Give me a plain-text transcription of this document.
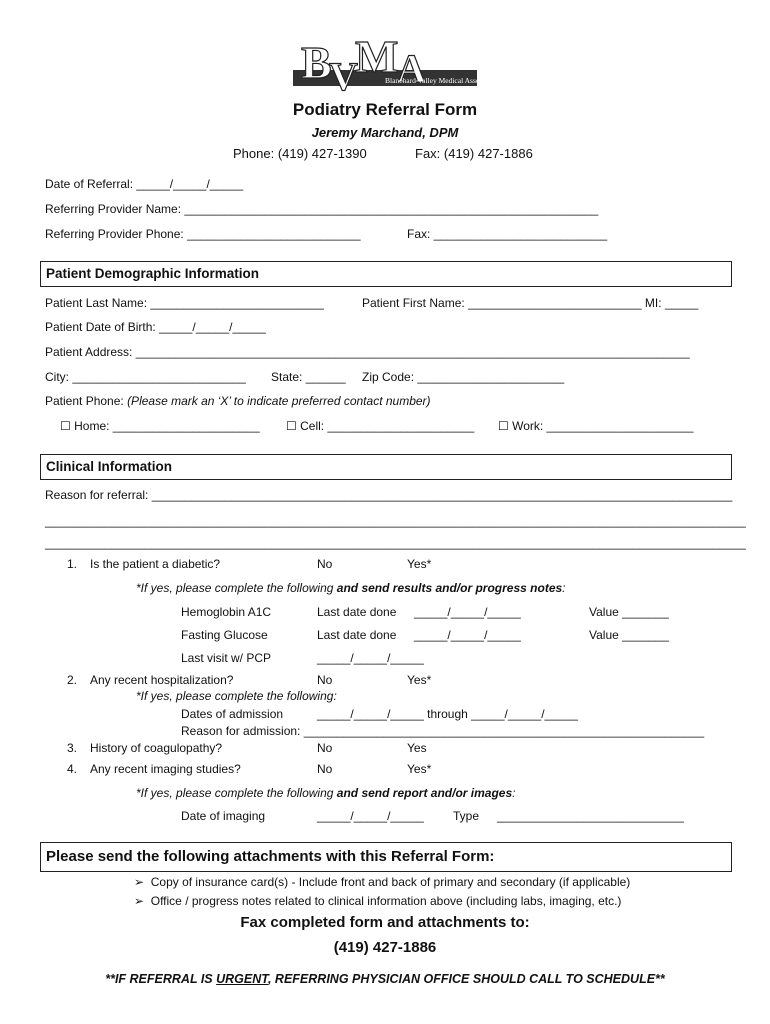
B
V
M
A
Blanchard Valley Medical Associates
Podiatry Referral Form
Jeremy Marchand, DPM
Phone: (419) 427-1390	Fax: (419) 427-1886
Date of Referral: _____/_____/_____
Referring Provider Name: ______________________________________________________________
Referring Provider Phone: __________________________	Fax: __________________________
Patient Demographic Information
Patient Last Name: __________________________	Patient First Name: __________________________ MI: _____
Patient Date of Birth: _____/_____/_____
Patient Address: ___________________________________________________________________________________
City: __________________________ State: ______ Zip Code: ______________________
Patient Phone: (Please mark an ‘X’ to indicate preferred contact number)
☐ Home: ______________________ ☐ Cell: ______________________ ☐ Work: ______________________
Clinical Information
Reason for referral: _______________________________________________________________________________________
_________________________________________________________________________________________________________
_________________________________________________________________________________________________________
1. Is the patient a diabetic?	No	Yes*
*If yes, please complete the following and send results and/or progress notes:
Hemoglobin A1C	Last date done _____/_____/_____	Value _______
Fasting Glucose	Last date done _____/_____/_____	Value _______
Last visit w/ PCP	_____/_____/_____
2. Any recent hospitalization?	No	Yes*
*If yes, please complete the following:
Dates of admission	_____/_____/_____ through _____/_____/_____
Reason for admission: ____________________________________________________________
3. History of coagulopathy?	No	Yes
4. Any recent imaging studies?	No	Yes*
*If yes, please complete the following and send report and/or images:
Date of imaging	_____/_____/_____ Type ____________________________
Please send the following attachments with this Referral Form:
➢ Copy of insurance card(s) - Include front and back of primary and secondary (if applicable)
➢ Office / progress notes related to clinical information above (including labs, imaging, etc.)
Fax completed form and attachments to:
(419) 427-1886
**IF REFERRAL IS URGENT, REFERRING PHYSICIAN OFFICE SHOULD CALL TO SCHEDULE**
